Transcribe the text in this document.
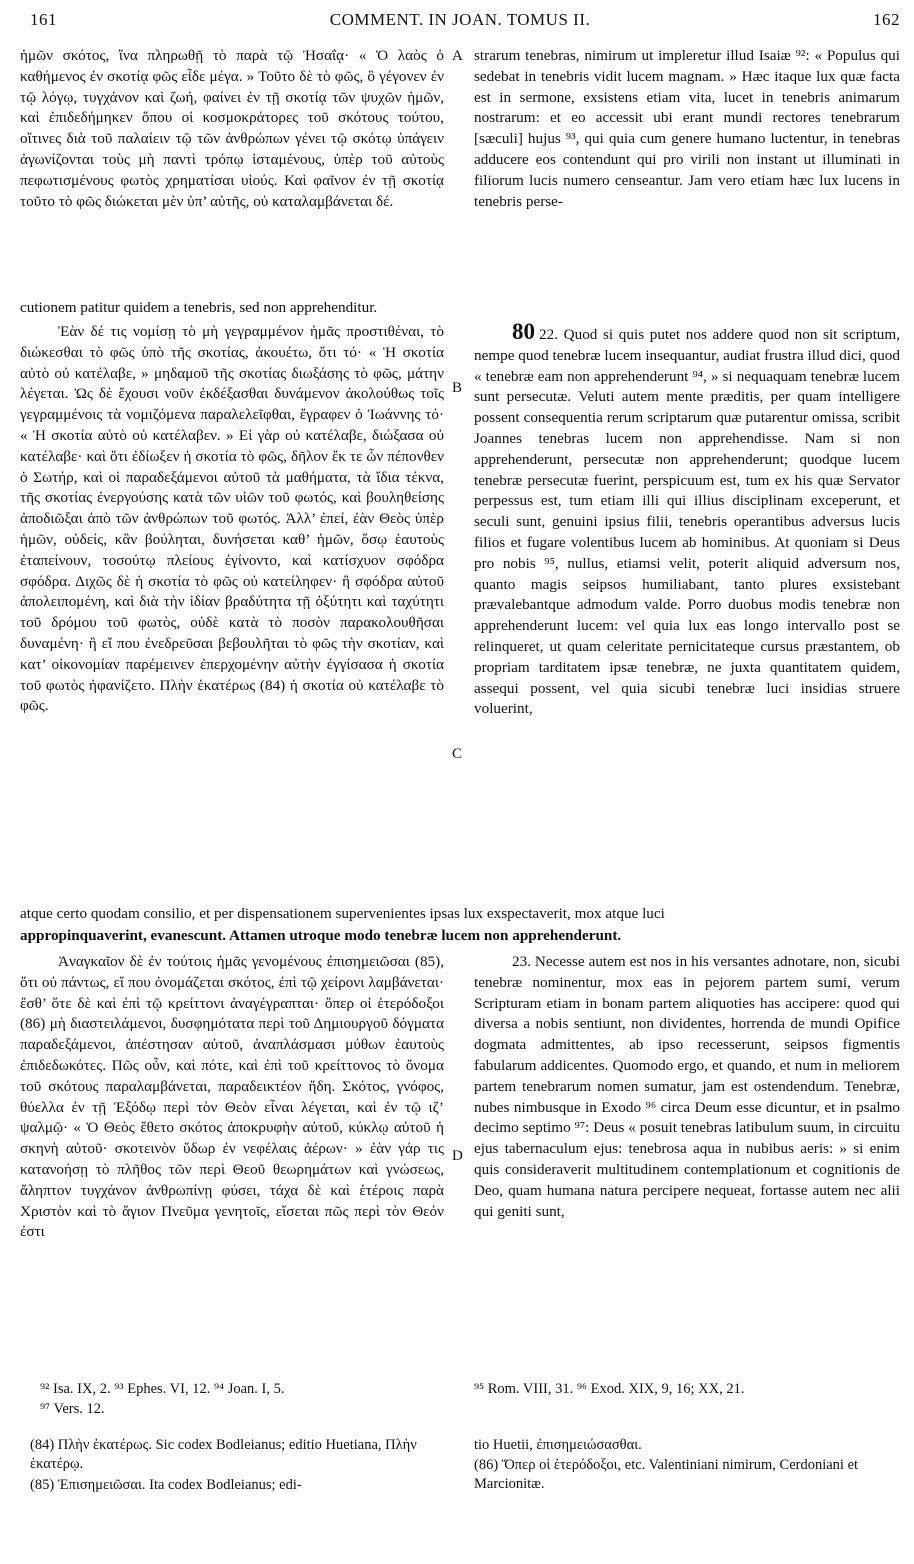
161	COMMENT. IN JOAN. TOMUS II.	162

ἡμῶν σκότος, ἵνα πληρωθῇ τὸ παρὰ τῷ Ἠσαΐᾳ· « Ὁ λαὸς ὁ καθήμενος ἐν σκοτίᾳ φῶς εἶδε μέγα. » Τοῦτο δὲ τὸ φῶς, ὃ γέγονεν ἐν τῷ λόγῳ, τυγχάνον καὶ ζωή, φαίνει ἐν τῇ σκοτίᾳ τῶν ψυχῶν ἡμῶν, καὶ ἐπιδεδήμηκεν ὅπου οἱ κοσμοκράτορες τοῦ σκότους τούτου, οἵτινες διὰ τοῦ παλαίειν τῷ τῶν ἀνθρώπων γένει τῷ σκότῳ ὑπάγειν ἀγωνίζονται τοὺς μὴ παντὶ τρόπῳ ἱσταμένους, ὑπὲρ τοῦ αὐτοὺς πεφωτισμένους φωτὸς χρηματίσαι υἱούς. Καὶ φαῖνον ἐν τῇ σκοτίᾳ τοῦτο τὸ φῶς διώκεται μὲν ὑπ’ αὐτῆς, οὐ καταλαμβάνεται δέ.

strarum tenebras, nimirum ut impleretur illud Isaiæ ⁹²: « Populus qui sedebat in tenebris vidit lucem magnam. » Hæc itaque lux quæ facta est in sermone, exsistens etiam vita, lucet in tenebris animarum nostrarum: et eo accessit ubi erant mundi rectores tenebrarum [sæculi] hujus ⁹³, qui quia cum genere humano luctentur, in tenebras adducere eos contendunt qui pro virili non instant ut illuminati in filiorum lucis numero censeantur. Jam vero etiam hæc lux lucens in tenebris perse-

A
cutionem patitur quidem a tenebris, sed non apprehenditur.

Ἐὰν δέ τις νομίσῃ τὸ μὴ γεγραμμένον ἡμᾶς προστιθέναι, τὸ διώκεσθαι τὸ φῶς ὑπὸ τῆς σκοτίας, ἀκουέτω, ὅτι τό· « Ἡ σκοτία αὐτὸ οὐ κατέλαβε, » μηδαμοῦ τῆς σκοτίας διωξάσης τὸ φῶς, μάτην λέγεται. Ὡς δὲ ἔχουσι νοῦν ἐκδέξασθαι δυνάμενον ἀκολούθως τοῖς γεγραμμένοις τὰ νομιζόμενα παραλελεῖφθαι, ἔγραφεν ὁ Ἰωάννης τό· « Ἡ σκοτία αὐτὸ οὐ κατέλαβεν. » Εἰ γὰρ οὐ κατέλαβε, διώξασα οὐ κατέλαβε· καὶ ὅτι ἐδίωξεν ἡ σκοτία τὸ φῶς, δῆλον ἔκ τε ὧν πέπονθεν ὁ Σωτήρ, καὶ οἱ παραδεξάμενοι αὐτοῦ τὰ μαθήματα, τὰ ἴδια τέκνα, τῆς σκοτίας ἐνεργούσης κατὰ τῶν υἱῶν τοῦ φωτός, καὶ βουληθείσης ἀποδιῶξαι ἀπὸ τῶν ἀνθρώπων τοῦ φωτός. Ἀλλ’ ἐπεί, ἐὰν Θεὸς ὑπὲρ ἡμῶν, οὐδείς, κἂν βούληται, δυνήσεται καθ’ ἡμῶν, ὅσῳ ἑαυτοὺς ἐταπείνουν, τοσούτῳ πλείους ἐγίνοντο, καὶ κατίσχυον σφόδρα σφόδρα. Διχῶς δὲ ἡ σκοτία τὸ φῶς οὐ κατείληφεν· ἢ σφόδρα αὐτοῦ ἀπολειπομένη, καὶ διὰ τὴν ἰδίαν βραδύτητα τῇ ὀξύτητι καὶ ταχύτητι τοῦ δρόμου τοῦ φωτὸς, οὐδὲ κατὰ τὸ ποσὸν παρακολουθῆσαι δυναμένη· ἢ εἴ που ἐνεδρεῦσαι βεβουλῆται τὸ φῶς τὴν σκοτίαν, καὶ κατ’ οἰκονομίαν παρέμεινεν ἐπερχομένην αὐτὴν ἐγγίσασα ἡ σκοτία τοῦ φωτὸς ἠφανίζετο. Πλὴν ἑκατέρως (84) ἡ σκοτία οὐ κατέλαβε τὸ φῶς.

80 22. Quod si quis putet nos addere quod non sit scriptum, nempe quod tenebræ lucem insequantur, audiat frustra illud dici, quod « tenebræ eam non apprehenderunt ⁹⁴, » si nequaquam tenebræ lucem sunt persecutæ. Veluti autem mente præditis, per quam intelligere possent consequentia rerum scriptarum quæ putarentur omissa, scribit Joannes tenebras lucem non apprehendisse. Nam si non apprehenderunt, persecutæ non apprehenderunt; quodque lucem tenebræ persecutæ fuerint, perspicuum est, tum ex his quæ Servator perpessus est, tum etiam illi qui illius disciplinam exceperunt, et seculi sunt, genuini ipsius filii, tenebris operantibus adversus lucis filios et fugare volentibus lucem ab hominibus. At quoniam si Deus pro nobis ⁹⁵, nullus, etiamsi velit, poterit aliquid adversum nos, quanto magis seipsos humiliabant, tanto plures exsistebant prævalebantque admodum valde. Porro duobus modis tenebræ non apprehenderunt lucem: vel quia lux eas longo intervallo post se relinqueret, ut quam celeritate pernicitateque cursus præstantem, ob propriam tarditatem ipsæ tenebræ, ne juxta quantitatem quidem, assequi possent, vel quia sicubi tenebræ luci insidias struere voluerint,

B
C
atque certo quodam consilio, et per dispensationem supervenientes ipsas lux exspectaverit, mox atque luci
appropinquaverint, evanescunt. Attamen utroque modo tenebræ lucem non apprehenderunt.

Ἀναγκαῖον δὲ ἐν τούτοις ἡμᾶς γενομένους ἐπισημειῶσαι (85), ὅτι οὐ πάντως, εἴ που ὀνομάζεται σκότος, ἐπὶ τῷ χείρονι λαμβάνεται· ἔσθ’ ὅτε δὲ καὶ ἐπὶ τῷ κρείττονι ἀναγέγραπται· ὅπερ οἱ ἑτερόδοξοι (86) μὴ διαστειλάμενοι, δυσφημότατα περὶ τοῦ Δημιουργοῦ δόγματα παραδεξάμενοι, ἀπέστησαν αὐτοῦ, ἀναπλάσμασι μύθων ἑαυτοὺς ἐπιδεδωκότες. Πῶς οὖν, καὶ πότε, καὶ ἐπὶ τοῦ κρείττονος τὸ ὄνομα τοῦ σκότους παραλαμβάνεται, παραδεικτέον ἤδη. Σκότος, γνόφος, θύελλα ἐν τῇ Ἐξόδῳ περὶ τὸν Θεὸν εἶναι λέγεται, καὶ ἐν τῷ ιζ’ ψαλμῷ· « Ὁ Θεὸς ἔθετο σκότος ἀποκρυφὴν αὐτοῦ, κύκλῳ αὐτοῦ ἡ σκηνὴ αὐτοῦ· σκοτεινὸν ὕδωρ ἐν νεφέλαις ἀέρων· » ἐὰν γάρ τις κατανοήσῃ τὸ πλῆθος τῶν περὶ Θεοῦ θεωρημάτων καὶ γνώσεως, ἄληπτον τυγχάνον ἀνθρωπίνῃ φύσει, τάχα δὲ καὶ ἑτέροις παρὰ Χριστὸν καὶ τὸ ἅγιον Πνεῦμα γενητοῖς, εἴσεται πῶς περὶ τὸν Θεόν ἐστι

23. Necesse autem est nos in his versantes adnotare, non, sicubi tenebræ nominentur, mox eas in pejorem partem sumi, verum Scripturam etiam in bonam partem aliquoties has accipere: quod qui diversa a nobis sentiunt, non dividentes, horrenda de mundi Opifice dogmata admittentes, ab ipso recesserunt, seipsos figmentis fabularum addicentes. Quomodo ergo, et quando, et num in meliorem partem tenebrarum nomen sumatur, jam est ostendendum. Tenebræ, nubes nimbusque in Exodo ⁹⁶ circa Deum esse dicuntur, et in psalmo decimo septimo ⁹⁷: Deus « posuit tenebras latibulum suum, in circuitu ejus tabernaculum ejus: tenebrosa aqua in nubibus aeris: » si enim quis consideraverit multitudinem contemplationum et cognitionis de Deo, quam humana natura percipere nequeat, fortasse autem nec alii qui geniti sunt,

D
⁹² Isa. IX, 2. ⁹³ Ephes. VI, 12. ⁹⁴ Joan. I, 5.
⁹⁷ Vers. 12.
⁹⁵ Rom. VIII, 31. ⁹⁶ Exod. XIX, 9, 16; XX, 21.
(84) Πλὴν ἑκατέρως. Sic codex Bodleianus; editio Huetiana, Πλὴν ἑκατέρῳ.
(85) Ἐπισημειῶσαι. Ita codex Bodleianus; edi-
tio Huetii, ἐπισημειώσασθαι.
(86) Ὅπερ οἱ ἑτερόδοξοι, etc. Valentiniani nimirum, Cerdoniani et Marcionitæ.
